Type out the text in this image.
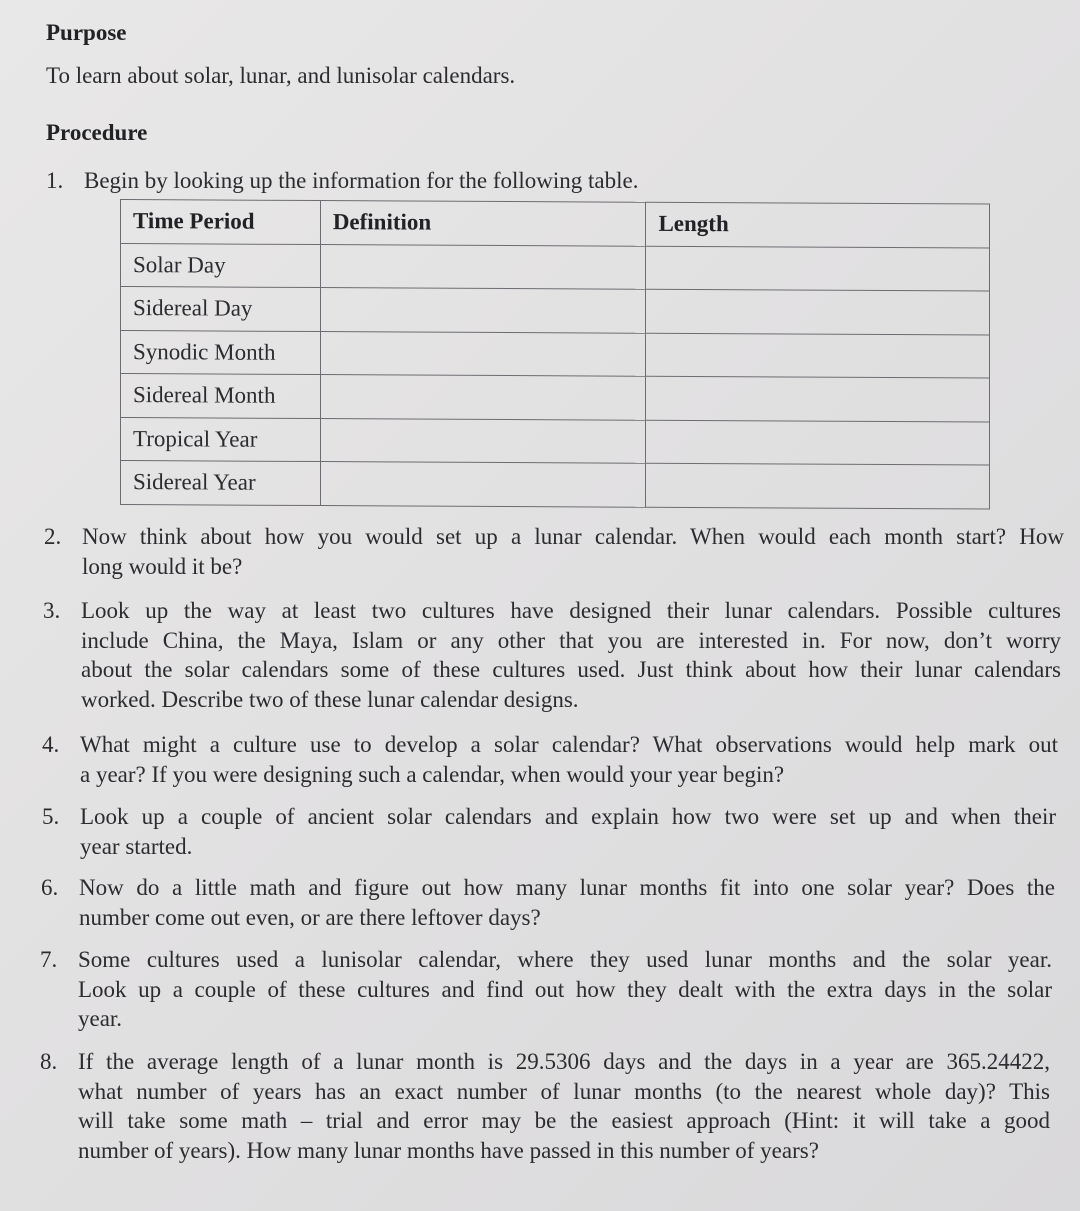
Purpose
To learn about solar, lunar, and lunisolar calendars.
Procedure
1. Begin by looking up the information for the following table.
Time Period	Definition	Length
Solar Day		
Sidereal Day		
Synodic Month		
Sidereal Month		
Tropical Year		
Sidereal Year		
2. Now think about how you would set up a lunar calendar. When would each month start? How
long would it be?
3. Look up the way at least two cultures have designed their lunar calendars. Possible cultures
include China, the Maya, Islam or any other that you are interested in. For now, don’t worry
about the solar calendars some of these cultures used. Just think about how their lunar calendars
worked. Describe two of these lunar calendar designs.
4. What might a culture use to develop a solar calendar? What observations would help mark out
a year? If you were designing such a calendar, when would your year begin?
5. Look up a couple of ancient solar calendars and explain how two were set up and when their
year started.
6. Now do a little math and figure out how many lunar months fit into one solar year? Does the
number come out even, or are there leftover days?
7. Some cultures used a lunisolar calendar, where they used lunar months and the solar year.
Look up a couple of these cultures and find out how they dealt with the extra days in the solar
year.
8. If the average length of a lunar month is 29.5306 days and the days in a year are 365.24422,
what number of years has an exact number of lunar months (to the nearest whole day)? This
will take some math – trial and error may be the easiest approach (Hint: it will take a good
number of years). How many lunar months have passed in this number of years?
